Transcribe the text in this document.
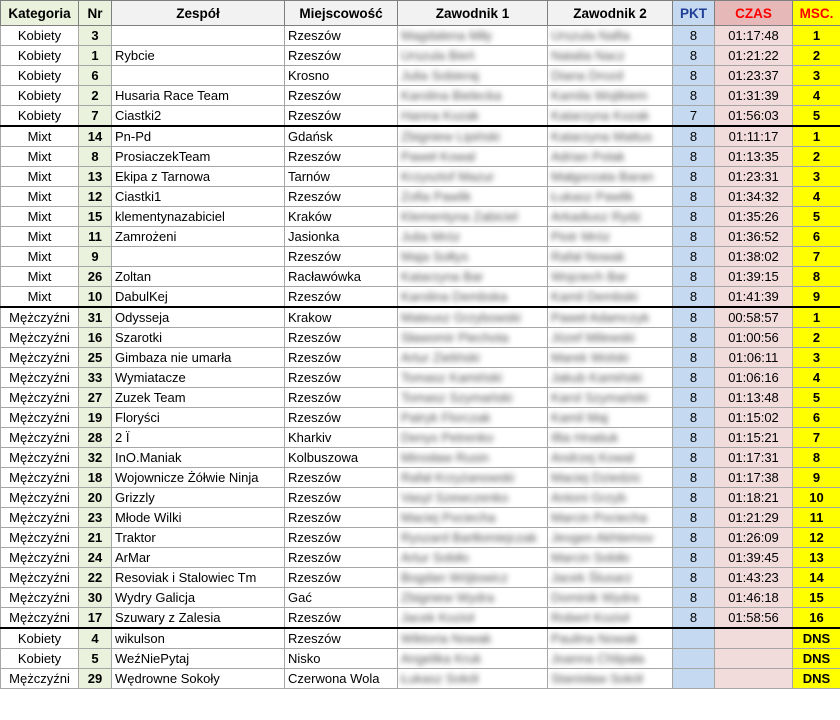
Kategoria	Nr	Zespół	Miejscowość	Zawodnik 1	Zawodnik 2	PKT	CZAS	MSC.
Kobiety	3		Rzeszów	Magdalena Miły	Urszula Nafta	8	01:17:48	1
Kobiety	1	Rybcie	Rzeszów	Urszula Bień	Natalia Nacz	8	01:21:22	2
Kobiety	6		Krosno	Julia Sobieraj	Diana Drozd	8	01:23:37	3
Kobiety	2	Husaria Race Team	Rzeszów	Karolina Bielecka	Kamila Wojtkiem	8	01:31:39	4
Kobiety	7	Ciastki2	Rzeszów	Hanna Kozak	Katarzyna Kozak	7	01:56:03	5
Mixt	14	Pn-Pd	Gdańsk	Zbigniew Lipiński	Katarzyna Mattus	8	01:11:17	1
Mixt	8	ProsiaczekTeam	Rzeszów	Paweł Kowal	Adrian Polak	8	01:13:35	2
Mixt	13	Ekipa z Tarnowa	Tarnów	Krzysztof Mazur	Małgorzata Baran	8	01:23:31	3
Mixt	12	Ciastki1	Rzeszów	Zofia Pawlik	Łukasz Pawlik	8	01:34:32	4
Mixt	15	klementynazabiciel	Kraków	Klementyna Zabiciel	Arkadiusz Rydz	8	01:35:26	5
Mixt	11	Zamrożeni	Jasionka	Julia Mróz	Piotr Mróz	8	01:36:52	6
Mixt	9		Rzeszów	Maja Sołtys	Rafał Nowak	8	01:38:02	7
Mixt	26	Zoltan	Racławówka	Katarzyna Bar	Wojciech Bar	8	01:39:15	8
Mixt	10	DabulKej	Rzeszów	Karolina Dembska	Kamil Dembski	8	01:41:39	9
Mężczyźni	31	Odysseja	Krakow	Mateusz Grzybowski	Paweł Adamczyk	8	00:58:57	1
Mężczyźni	16	Szarotki	Rzeszów	Sławomir Piechota	Józef Milewski	8	01:00:56	2
Mężczyźni	25	Gimbaza nie umarła	Rzeszów	Artur Zieliński	Marek Wolski	8	01:06:11	3
Mężczyźni	33	Wymiatacze	Rzeszów	Tomasz Kamiński	Jakub Kamiński	8	01:06:16	4
Mężczyźni	27	Zuzek Team	Rzeszów	Tomasz Szymański	Karol Szymański	8	01:13:48	5
Mężczyźni	19	Floryści	Rzeszów	Patryk Florczak	Kamil Maj	8	01:15:02	6
Mężczyźni	28	2 Ї	Kharkiv	Denys Petrenko	Illia Hnatiuk	8	01:15:21	7
Mężczyźni	32	InO.Maniak	Kolbuszowa	Mirosław Rusin	Andrzej Kowal	8	01:17:31	8
Mężczyźni	18	Wojownicze Żółwie Ninja	Rzeszów	Rafał Krzyżanowski	Maciej Dziedzic	8	01:17:38	9
Mężczyźni	20	Grizzly	Rzeszów	Vasyl Szewczenko	Antoni Grzyb	8	01:18:21	10
Mężczyźni	23	Młode Wilki	Rzeszów	Maciej Pociecha	Marcin Pociecha	8	01:21:29	11
Mężczyźni	21	Traktor	Rzeszów	Ryszard Bartłomiejczak	Jevgen Akhtemov	8	01:26:09	12
Mężczyźni	24	ArMar	Rzeszów	Artur Sobiło	Marcin Sobiło	8	01:39:45	13
Mężczyźni	22	Resoviak i Stalowiec Tm	Rzeszów	Bogdan Wójtowicz	Jacek Ślusarz	8	01:43:23	14
Mężczyźni	30	Wydry Galicja	Gać	Zbigniew Wydra	Dominik Wydra	8	01:46:18	15
Mężczyźni	17	Szuwary z Zalesia	Rzeszów	Jacek Kozioł	Robert Kozioł	8	01:58:56	16
Kobiety	4	wikulson	Rzeszów	Wiktoria Nowak	Paulina Nowak			DNS
Kobiety	5	WeźNiePytaj	Nisko	Angelika Kruk	Joanna Chlipała			DNS
Mężczyźni	29	Wędrowne Sokoły	Czerwona Wola	Łukasz Sokół	Stanisław Sokół			DNS
